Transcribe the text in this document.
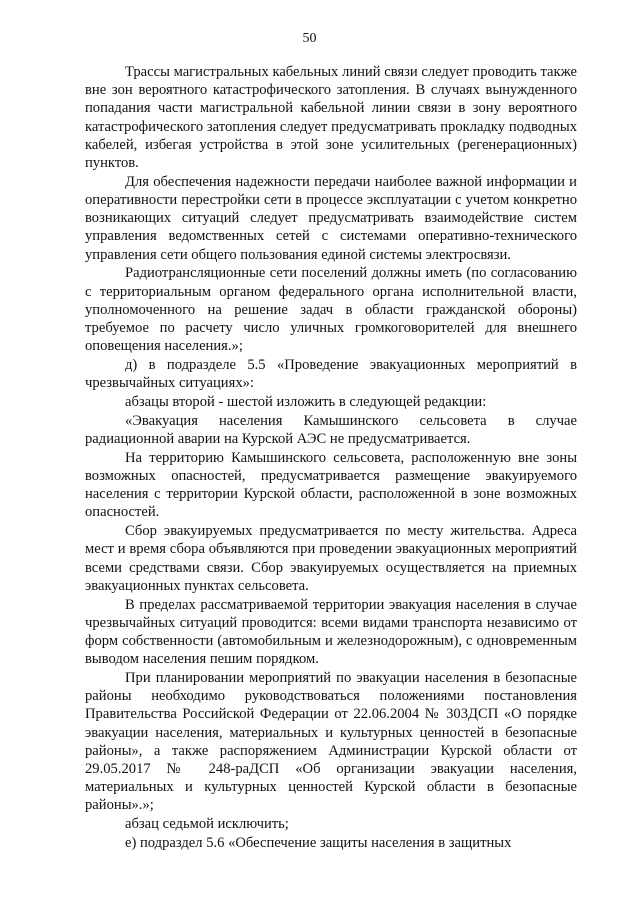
50

Трассы магистральных кабельных линий связи следует проводить также вне зон вероятного катастрофического затопления. В случаях вынужденного попадания части магистральной кабельной линии связи в зону вероятного катастрофического затопления следует предусматривать прокладку подводных кабелей, избегая устройства в этой зоне усилительных (регенерационных) пунктов.

Для обеспечения надежности передачи наиболее важной информации и оперативности перестройки сети в процессе эксплуатации с учетом конкретно возникающих ситуаций следует предусматривать взаимодействие систем управления ведомственных сетей с системами оперативно-технического управления сети общего пользования единой системы электросвязи.

Радиотрансляционные сети поселений должны иметь (по согласованию с территориальным органом федерального органа исполнительной власти, уполномоченного на решение задач в области гражданской обороны) требуемое по расчету число уличных громкоговорителей для внешнего оповещения населения.»;

д) в подразделе 5.5 «Проведение эвакуационных мероприятий в чрезвычайных ситуациях»:

абзацы второй - шестой изложить в следующей редакции:

«Эвакуация населения Камышинского сельсовета в случае радиационной аварии на Курской АЭС не предусматривается.

На территорию Камышинского сельсовета, расположенную вне зоны возможных опасностей, предусматривается размещение эвакуируемого населения с территории Курской области, расположенной в зоне возможных опасностей.

Сбор эвакуируемых предусматривается по месту жительства. Адреса мест и время сбора объявляются при проведении эвакуационных мероприятий всеми средствами связи. Сбор эвакуируемых осуществляется на приемных эвакуационных пунктах сельсовета.

В пределах рассматриваемой территории эвакуация населения в случае чрезвычайных ситуаций проводится: всеми видами транспорта независимо от форм собственности (автомобильным и железнодорожным), с одновременным выводом населения пешим порядком.

При планировании мероприятий по эвакуации населения в безопасные районы необходимо руководствоваться положениями постановления Правительства Российской Федерации от 22.06.2004 № 303ДСП «О порядке эвакуации населения, материальных и культурных ценностей в безопасные районы», а также распоряжением Администрации Курской области от 29.05.2017 № 248-раДСП «Об организации эвакуации населения, материальных и культурных ценностей Курской области в безопасные районы».»;

абзац седьмой исключить;

е) подраздел 5.6 «Обеспечение защиты населения в защитных
